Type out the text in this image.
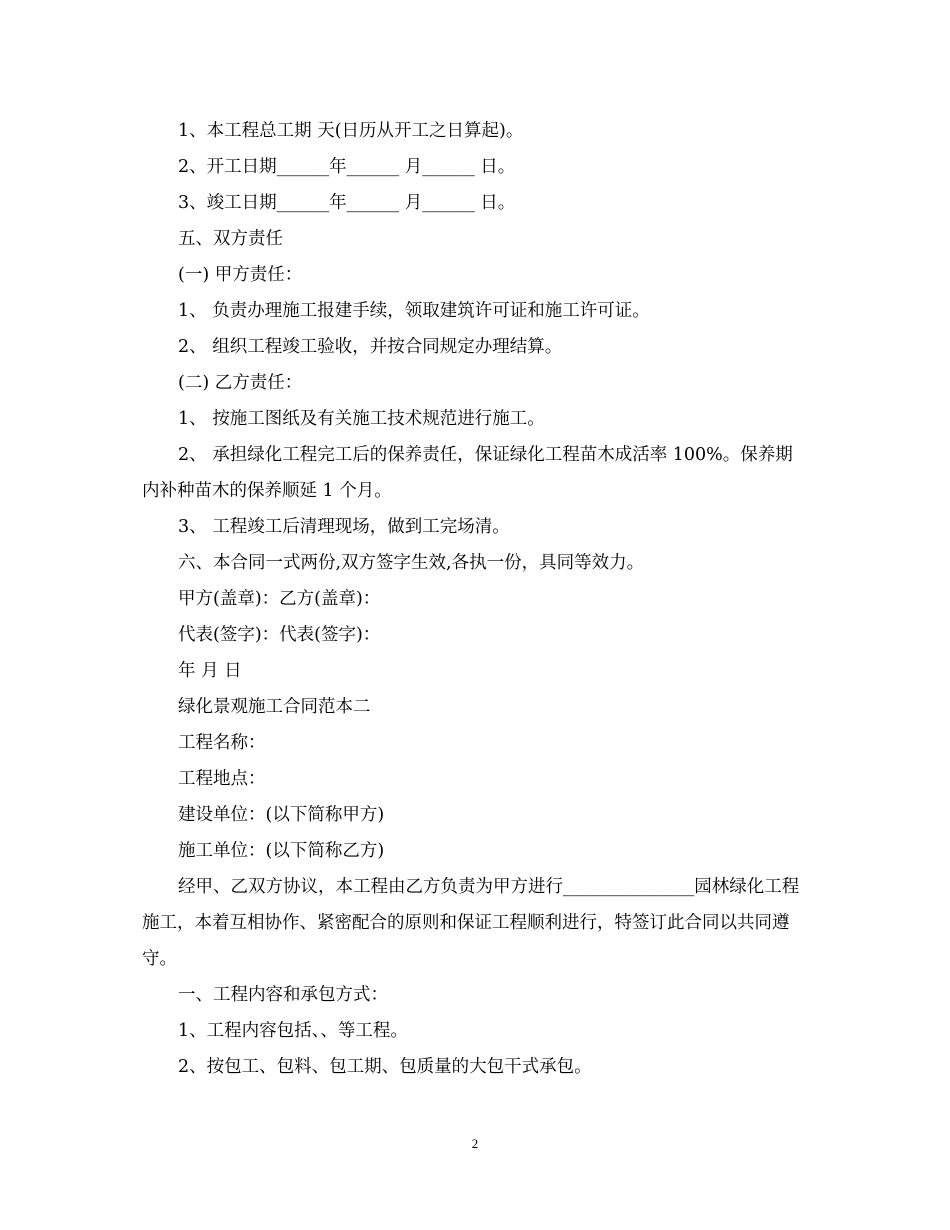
1、本工程总工期 天(日历从开工之日算起)。

2、开工日期______年______ 月______ 日。

3、竣工日期______年______ 月______ 日。

五、双方责任

(一) 甲方责任：

1、 负责办理施工报建手续，领取建筑许可证和施工许可证。

2、 组织工程竣工验收，并按合同规定办理结算。

(二) 乙方责任：

1、 按施工图纸及有关施工技术规范进行施工。

2、 承担绿化工程完工后的保养责任，保证绿化工程苗木成活率 100%。保养期内补种苗木的保养顺延 1 个月。

3、 工程竣工后清理现场，做到工完场清。

六、本合同一式两份,双方签字生效,各执一份，具同等效力。

甲方(盖章)：乙方(盖章)：

代表(签字)：代表(签字)：

年 月 日

绿化景观施工合同范本二

工程名称：

工程地点：

建设单位：(以下简称甲方)

施工单位：(以下简称乙方)

经甲、乙双方协议，本工程由乙方负责为甲方进行_______________园林绿化工程施工，本着互相协作、紧密配合的原则和保证工程顺利进行，特签订此合同以共同遵守。

一、工程内容和承包方式：

1、工程内容包括、、等工程。

2、按包工、包料、包工期、包质量的大包干式承包。

2
